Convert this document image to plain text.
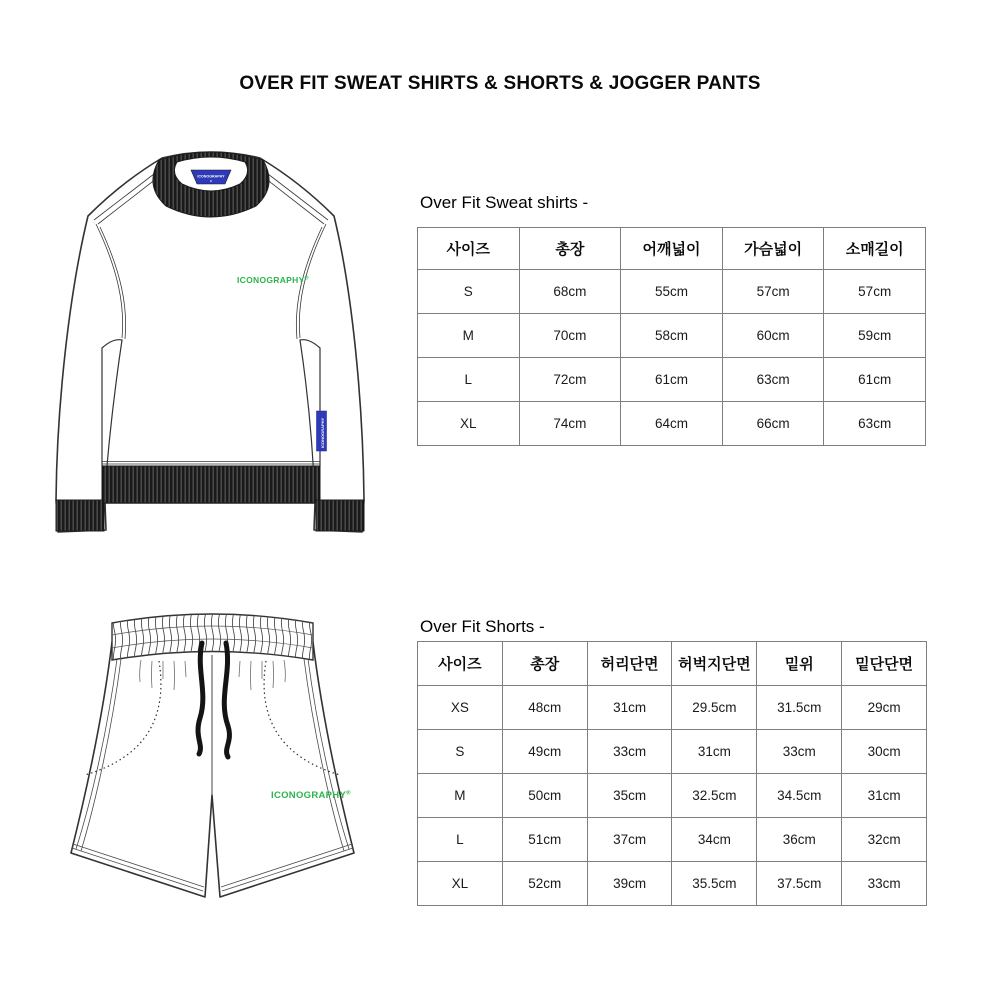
OVER FIT SWEAT SHIRTS & SHORTS & JOGGER PANTS
ICONOGRAPHY
ICONOGRAPHY®
ICONOGRAPHY
Over Fit Sweat shirts -
사이즈	총장	어깨넓이	가슴넓이	소매길이
S	68cm	55cm	57cm	57cm
M	70cm	58cm	60cm	59cm
L	72cm	61cm	63cm	61cm
XL	74cm	64cm	66cm	63cm
ICONOGRAPHY®
Over Fit Shorts -
사이즈	총장	허리단면	허벅지단면	밑위	밑단단면
XS	48cm	31cm	29.5cm	31.5cm	29cm
S	49cm	33cm	31cm	33cm	30cm
M	50cm	35cm	32.5cm	34.5cm	31cm
L	51cm	37cm	34cm	36cm	32cm
XL	52cm	39cm	35.5cm	37.5cm	33cm
